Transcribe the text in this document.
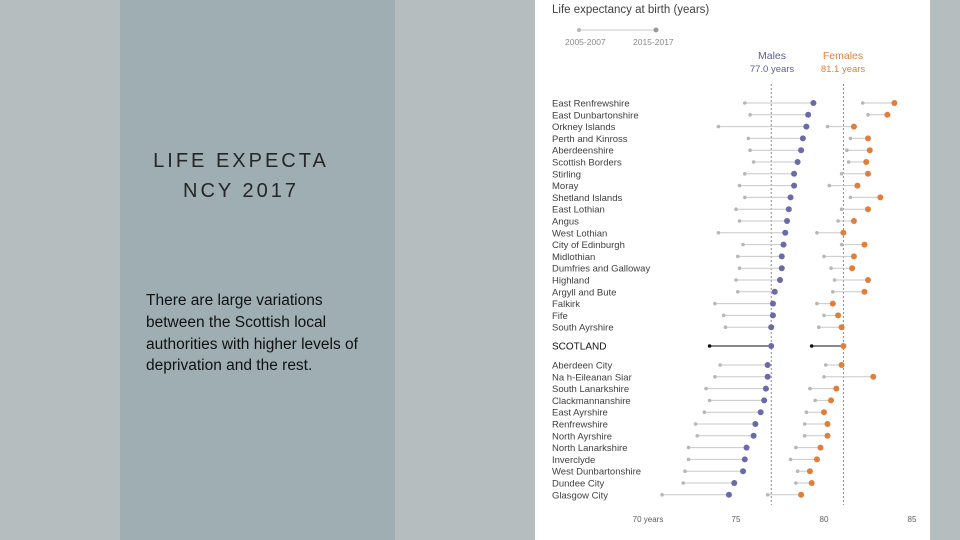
LIFE EXPECTANCY 2017
There are large variations between the Scottish local authorities with higher levels of deprivation and the rest.
Life expectancy at birth (years)
2005-2007	2015-2017
Males
77.0 years
Females
81.1 years
East Renfrewshire
East Dunbartonshire
Orkney Islands
Perth and Kinross
Aberdeenshire
Scottish Borders
Stirling
Moray
Shetland Islands
East Lothian
Angus
West Lothian
City of Edinburgh
Midlothian
Dumfries and Galloway
Highland
Argyll and Bute
Falkirk
Fife
South Ayrshire
SCOTLAND
Aberdeen City
Na h-Eileanan Siar
South Lanarkshire
Clackmannanshire
East Ayrshire
Renfrewshire
North Ayrshire
North Lanarkshire
Inverclyde
West Dunbartonshire
Dundee City
Glasgow City
70 years	75	80	85
